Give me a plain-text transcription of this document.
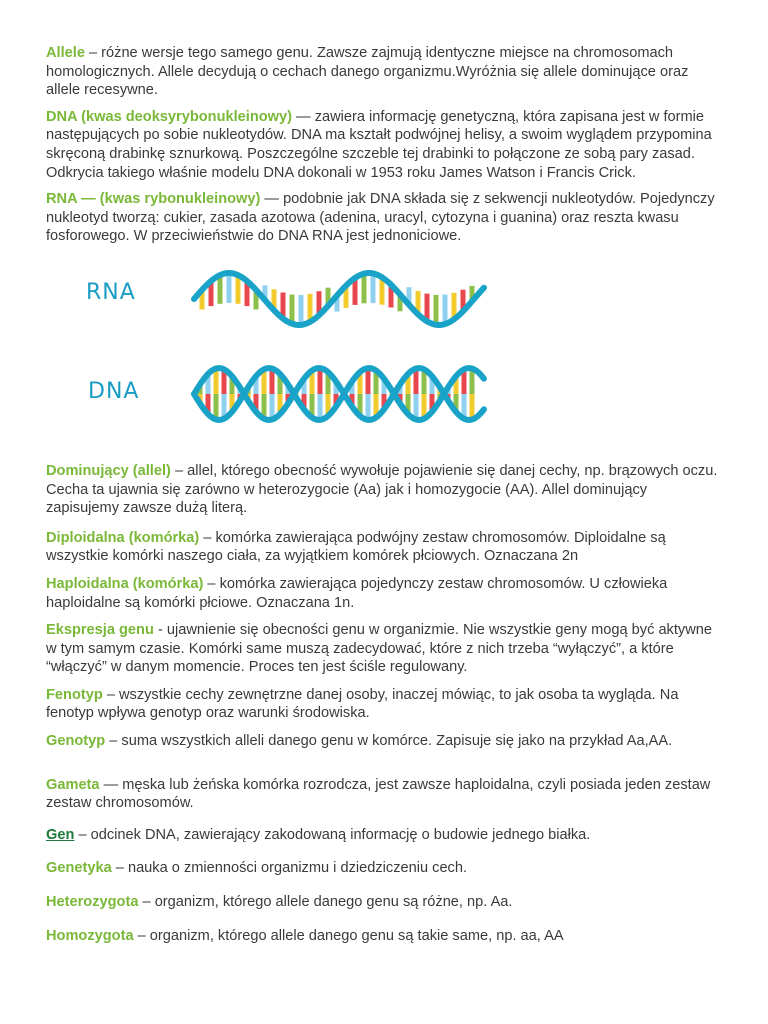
Allele – różne wersje tego samego genu. Zawsze zajmują identyczne miejsce na chromosomach homologicznych. Allele decydują o cechach danego organizmu.Wyróżnia się allele dominujące oraz allele recesywne.

DNA (kwas deoksyrybonukleinowy) — zawiera informację genetyczną, która zapisana jest w formie następujących po sobie nukleotydów. DNA ma kształt podwójnej helisy, a swoim wyglądem przypomina skręconą drabinkę sznurkową. Poszczególne szczeble tej drabinki to połączone ze sobą pary zasad. Odkrycia takiego właśnie modelu DNA dokonali w 1953 roku James Watson i Francis Crick.

RNA — (kwas rybonukleinowy) — podobnie jak DNA składa się z sekwencji nukleotydów. Pojedynczy nukleotyd tworzą: cukier, zasada azotowa (adenina, uracyl, cytozyna i guanina) oraz reszta kwasu fosforowego. W przeciwieństwie do DNA RNA jest jednoniciowe.

RNA
DNA

Dominujący (allel) – allel, którego obecność wywołuje pojawienie się danej cechy, np. brązowych oczu. Cecha ta ujawnia się zarówno w heterozygocie (Aa) jak i homozygocie (AA). Allel dominujący zapisujemy zawsze dużą literą.

Diploidalna (komórka) – komórka zawierająca podwójny zestaw chromosomów. Diploidalne są wszystkie komórki naszego ciała, za wyjątkiem komórek płciowych. Oznaczana 2n

Haploidalna (komórka) – komórka zawierająca pojedynczy zestaw chromosomów. U człowieka haploidalne są komórki płciowe. Oznaczana 1n.

Ekspresja genu - ujawnienie się obecności genu w organizmie. Nie wszystkie geny mogą być aktywne w tym samym czasie. Komórki same muszą zadecydować, które z nich trzeba “wyłączyć”, a które “włączyć” w danym momencie. Proces ten jest ściśle regulowany.

Fenotyp – wszystkie cechy zewnętrzne danej osoby, inaczej mówiąc, to jak osoba ta wygląda. Na fenotyp wpływa genotyp oraz warunki środowiska.

Genotyp – suma wszystkich alleli danego genu w komórce. Zapisuje się jako na przykład Aa,AA.

Gameta — męska lub żeńska komórka rozrodcza, jest zawsze haploidalna, czyli posiada jeden zestaw zestaw chromosomów.

Gen – odcinek DNA, zawierający zakodowaną informację o budowie jednego białka.

Genetyka – nauka o zmienności organizmu i dziedziczeniu cech.

Heterozygota – organizm, którego allele danego genu są różne, np. Aa.

Homozygota – organizm, którego allele danego genu są takie same, np. aa, AA
